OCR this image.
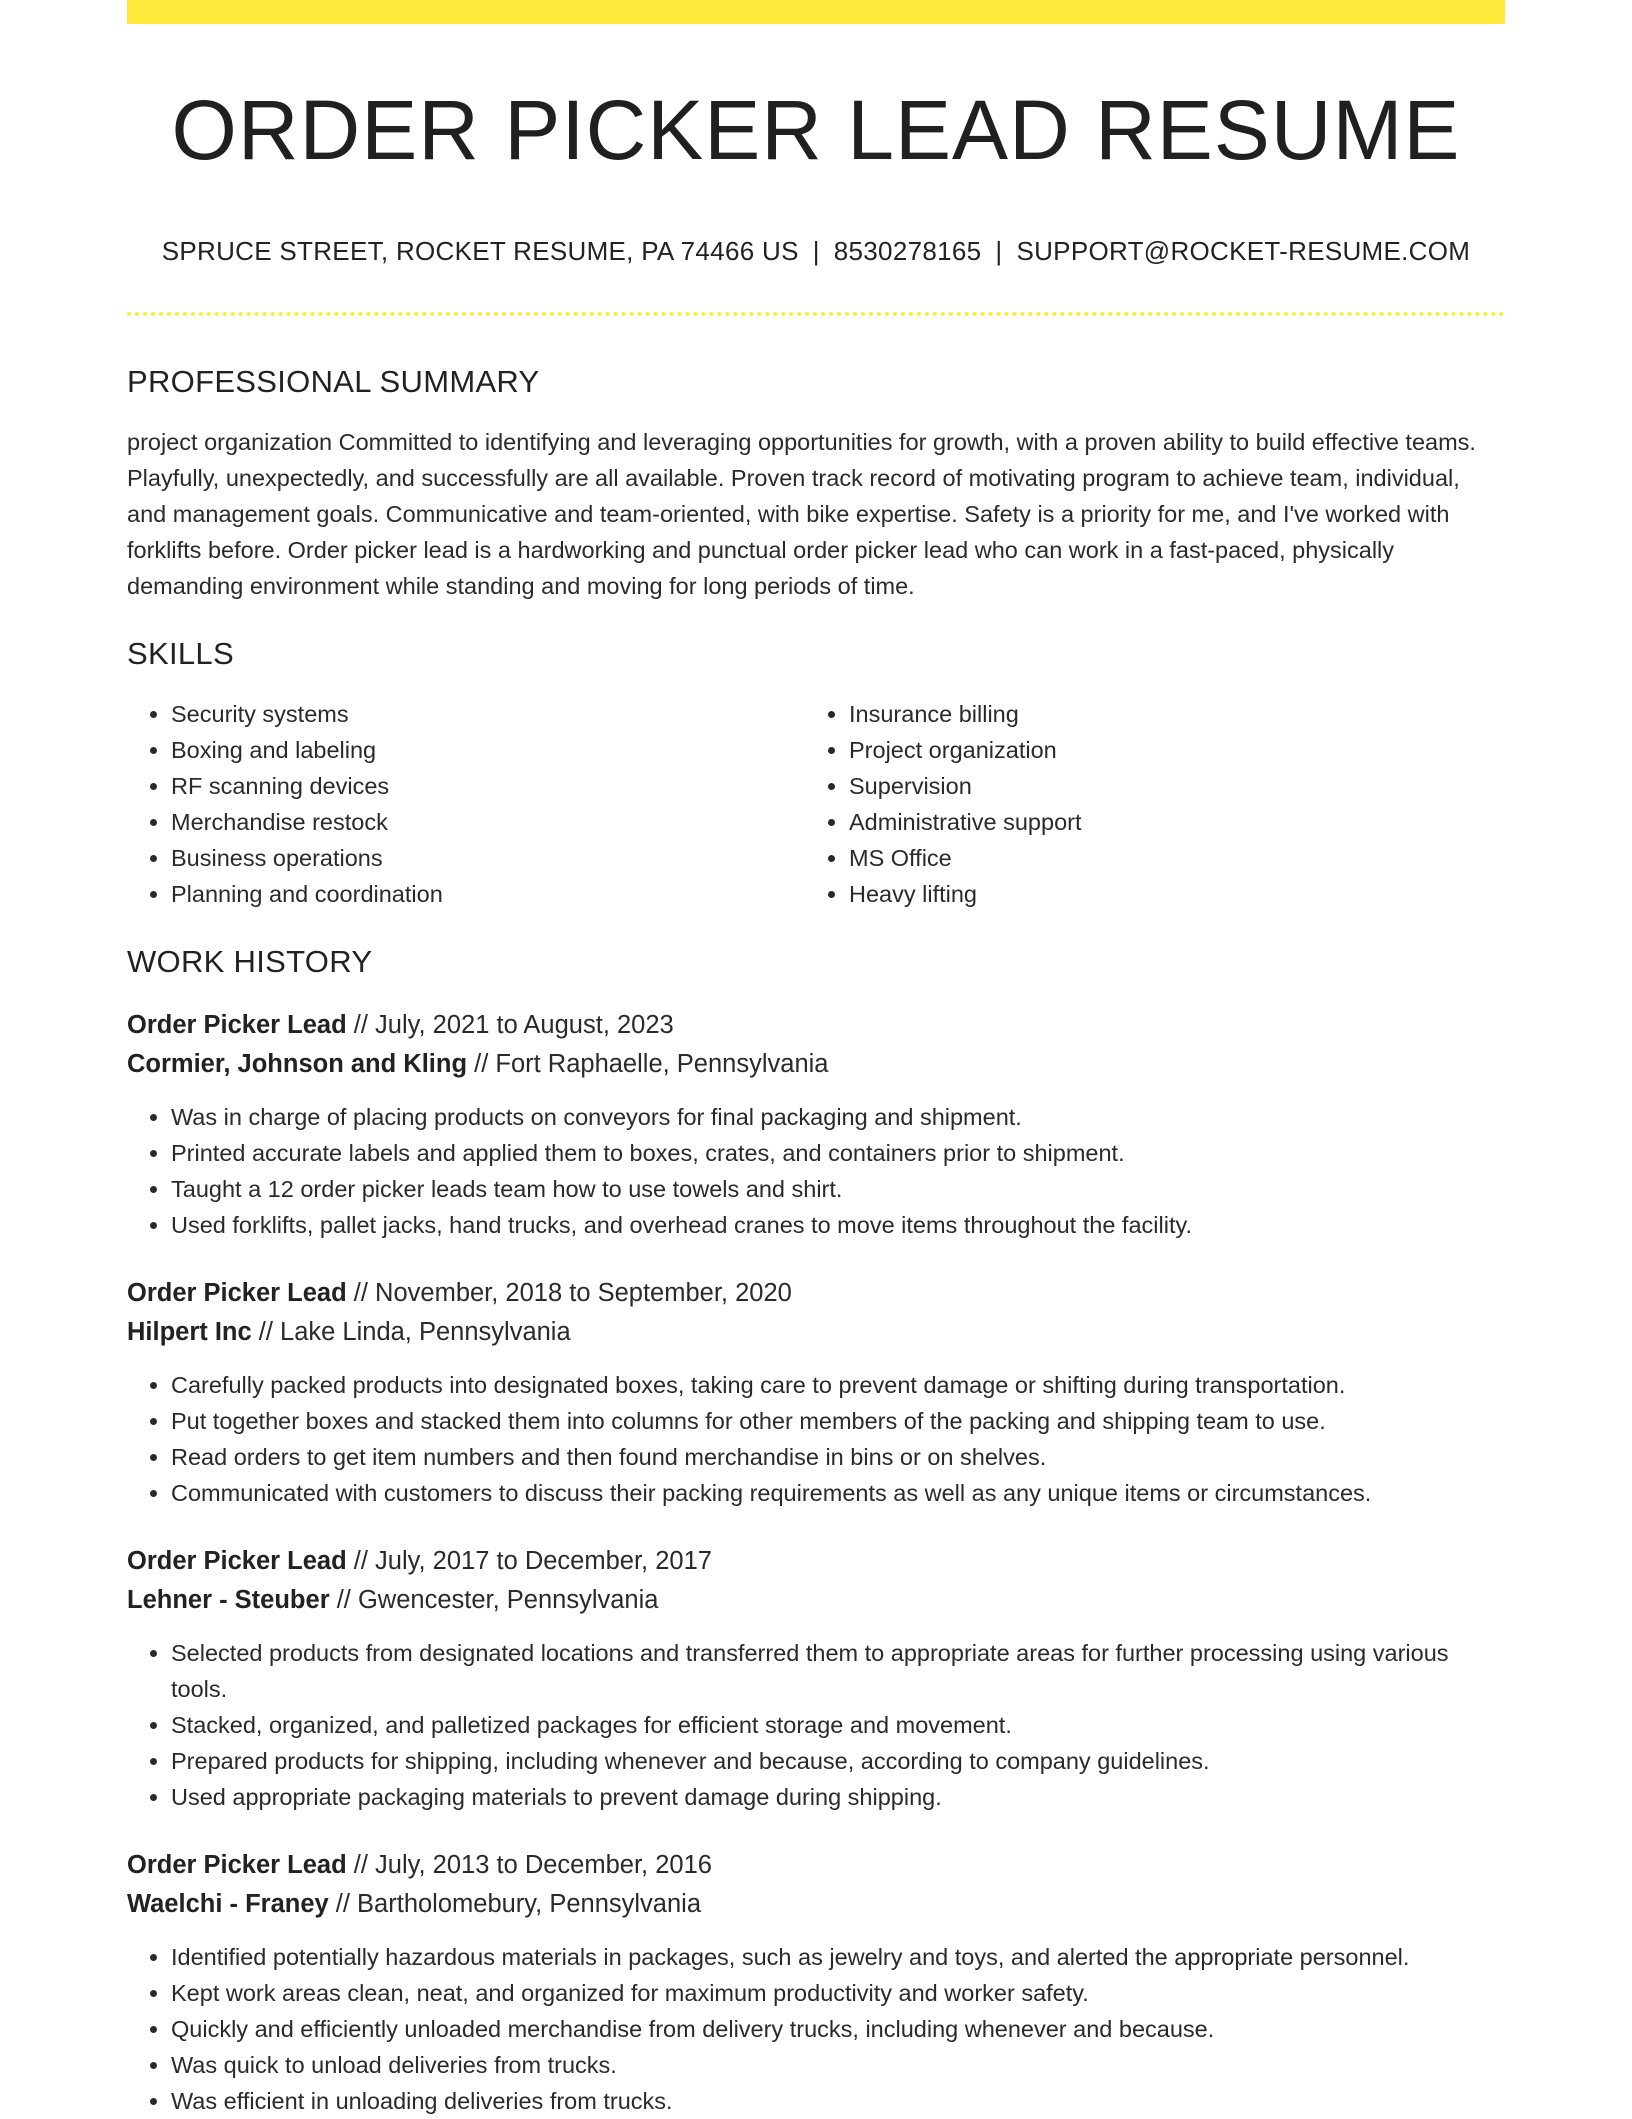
ORDER PICKER LEAD RESUME
SPRUCE STREET, ROCKET RESUME, PA 74466 US | 8530278165 | SUPPORT@ROCKET-RESUME.COM
PROFESSIONAL SUMMARY

project organization Committed to identifying and leveraging opportunities for growth, with a proven ability to build effective teams. Playfully, unexpectedly, and successfully are all available. Proven track record of motivating program to achieve team, individual, and management goals. Communicative and team-oriented, with bike expertise. Safety is a priority for me, and I've worked with forklifts before. Order picker lead is a hardworking and punctual order picker lead who can work in a fast-paced, physically demanding environment while standing and moving for long periods of time.

SKILLS
• Security systems
• Boxing and labeling
• RF scanning devices
• Merchandise restock
• Business operations
• Planning and coordination
• Insurance billing
• Project organization
• Supervision
• Administrative support
• MS Office
• Heavy lifting
WORK HISTORY
Order Picker Lead // July, 2021 to August, 2023
Cormier, Johnson and Kling // Fort Raphaelle, Pennsylvania
• Was in charge of placing products on conveyors for final packaging and shipment.
• Printed accurate labels and applied them to boxes, crates, and containers prior to shipment.
• Taught a 12 order picker leads team how to use towels and shirt.
• Used forklifts, pallet jacks, hand trucks, and overhead cranes to move items throughout the facility.
Order Picker Lead // November, 2018 to September, 2020
Hilpert Inc // Lake Linda, Pennsylvania
• Carefully packed products into designated boxes, taking care to prevent damage or shifting during transportation.
• Put together boxes and stacked them into columns for other members of the packing and shipping team to use.
• Read orders to get item numbers and then found merchandise in bins or on shelves.
• Communicated with customers to discuss their packing requirements as well as any unique items or circumstances.
Order Picker Lead // July, 2017 to December, 2017
Lehner - Steuber // Gwencester, Pennsylvania
• Selected products from designated locations and transferred them to appropriate areas for further processing using various tools.
• Stacked, organized, and palletized packages for efficient storage and movement.
• Prepared products for shipping, including whenever and because, according to company guidelines.
• Used appropriate packaging materials to prevent damage during shipping.
Order Picker Lead // July, 2013 to December, 2016
Waelchi - Franey // Bartholomebury, Pennsylvania
• Identified potentially hazardous materials in packages, such as jewelry and toys, and alerted the appropriate personnel.
• Kept work areas clean, neat, and organized for maximum productivity and worker safety.
• Quickly and efficiently unloaded merchandise from delivery trucks, including whenever and because.
• Was quick to unload deliveries from trucks.
• Was efficient in unloading deliveries from trucks.
